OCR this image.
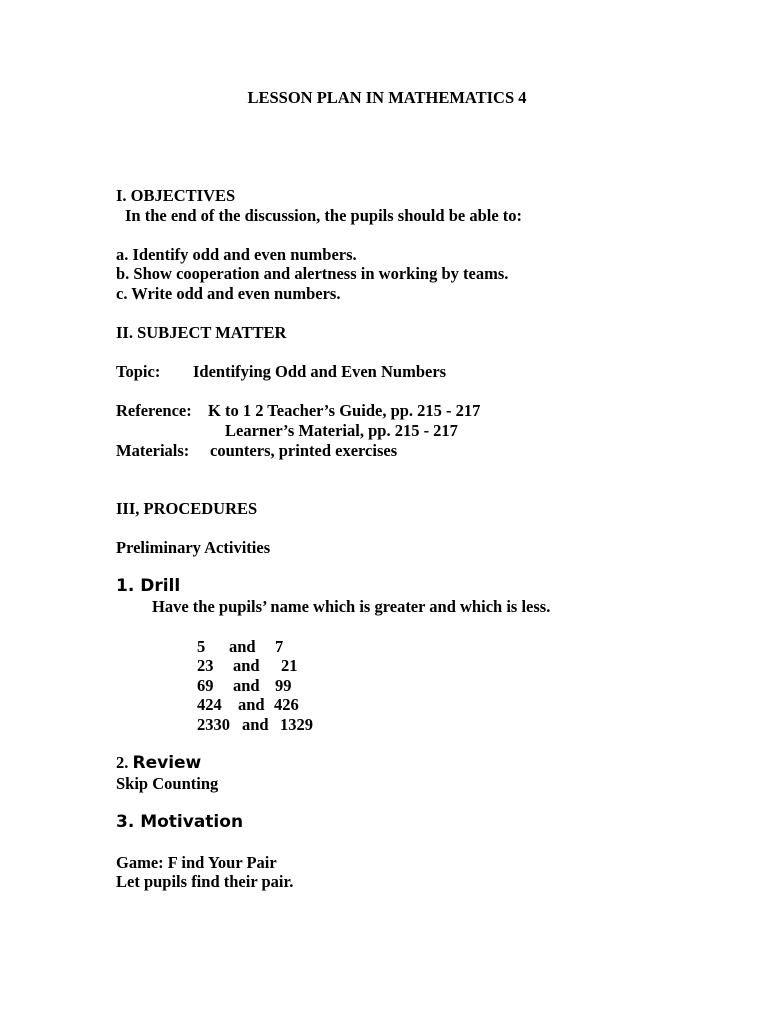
LESSON PLAN IN MATHEMATICS 4

I. OBJECTIVES

In the end of the discussion, the pupils should be able to:

a. Identify odd and even numbers.

b. Show cooperation and alertness in working by teams.

c. Write odd and even numbers.

II. SUBJECT MATTER

Topic: Identifying Odd and Even Numbers

Reference: K to 1 2 Teacher’s Guide, pp. 215 - 217

Learner’s Material, pp. 215 - 217

Materials: counters, printed exercises

III, PROCEDURES

Preliminary Activities

1. Drill

Have the pupils’ name which is greater and which is less.

5 and 7

23 and 21

69 and 99

424 and 426

2330 and 1329

2. Review

Skip Counting

3. Motivation

Game: F ind Your Pair

Let pupils find their pair.
